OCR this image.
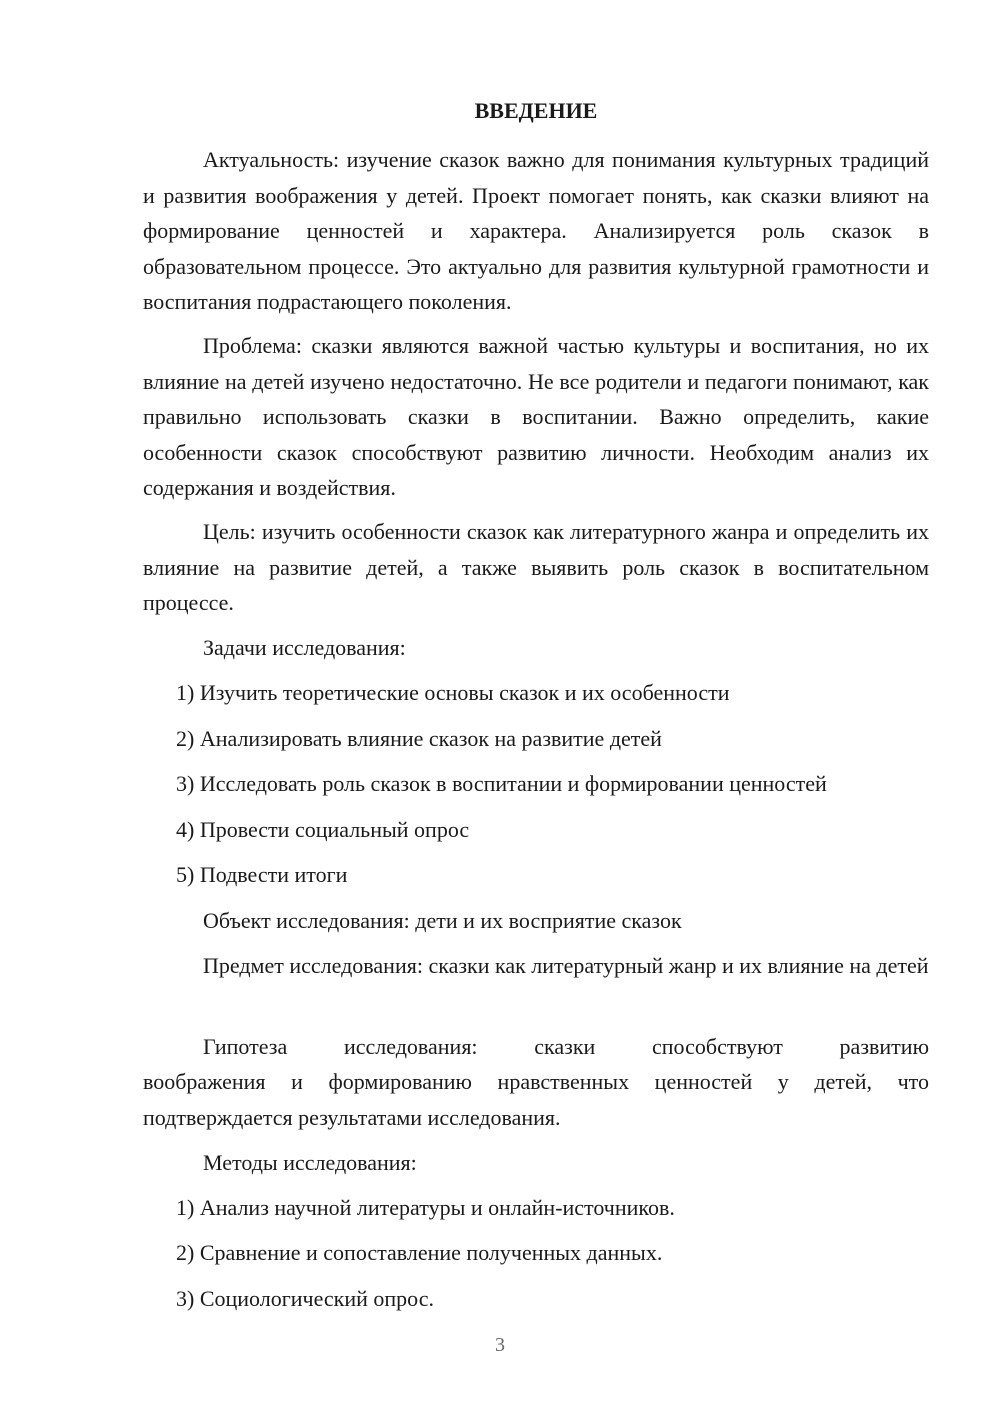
ВВЕДЕНИЕ

Актуальность: изучение сказок важно для понимания культурных традиций и развития воображения у детей. Проект помогает понять, как сказки влияют на формирование ценностей и характера. Анализируется роль сказок в образовательном процессе. Это актуально для развития культурной грамотности и воспитания подрастающего поколения.

Проблема: сказки являются важной частью культуры и воспитания, но их влияние на детей изучено недостаточно. Не все родители и педагоги понимают, как правильно использовать сказки в воспитании. Важно определить, какие особенности сказок способствуют развитию личности. Необходим анализ их содержания и воздействия.

Цель: изучить особенности сказок как литературного жанра и определить их влияние на развитие детей, а также выявить роль сказок в воспитательном процессе.

Задачи исследования:

1) Изучить теоретические основы сказок и их особенности

2) Анализировать влияние сказок на развитие детей

3) Исследовать роль сказок в воспитании и формировании ценностей

4) Провести социальный опрос

5) Подвести итоги

Объект исследования: дети и их восприятие сказок

Предмет исследования: сказки как литературный жанр и их влияние на детей

Гипотеза исследования: сказки способствуют развитию

воображения и формированию нравственных ценностей у детей, что подтверждается результатами исследования.

Методы исследования:

1) Анализ научной литературы и онлайн-источников.

2) Сравнение и сопоставление полученных данных.

3) Социологический опрос.

3
